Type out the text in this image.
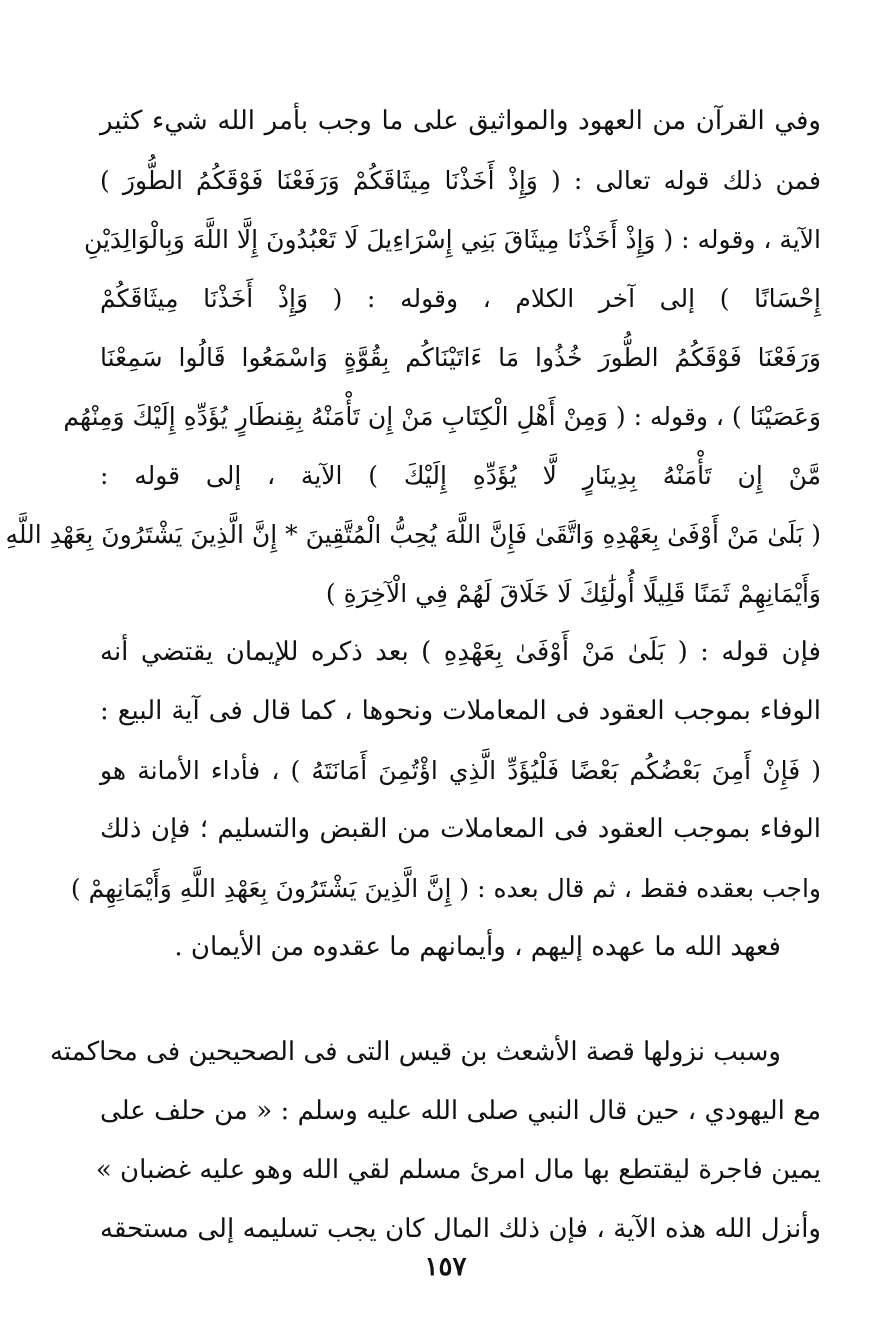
وفي القرآن من العهود والمواثيق على ما وجب بأمر الله شيء كثير
فمن ذلك قوله تعالى : ( وَإِذْ أَخَذْنَا مِيثَاقَكُمْ وَرَفَعْنَا فَوْقَكُمُ الطُّورَ )
الآية ، وقوله : ( وَإِذْ أَخَذْنَا مِيثَاقَ بَنِي إِسْرَاءِيلَ لَا تَعْبُدُونَ إِلَّا اللَّهَ وَبِالْوَالِدَيْنِ
إِحْسَانًا ) إلى آخر الكلام ، وقوله : ( وَإِذْ أَخَذْنَا مِيثَاقَكُمْ
وَرَفَعْنَا فَوْقَكُمُ الطُّورَ خُذُوا مَا ءَاتَيْنَاكُم بِقُوَّةٍ وَاسْمَعُوا قَالُوا سَمِعْنَا
وَعَصَيْنَا ) ، وقوله : ( وَمِنْ أَهْلِ الْكِتَابِ مَنْ إِن تَأْمَنْهُ بِقِنطَارٍ يُؤَدِّهِ إِلَيْكَ وَمِنْهُم
مَّنْ إِن تَأْمَنْهُ بِدِينَارٍ لَّا يُؤَدِّهِ إِلَيْكَ ) الآية ، إلى قوله :
( بَلَىٰ مَنْ أَوْفَىٰ بِعَهْدِهِ وَاتَّقَىٰ فَإِنَّ اللَّهَ يُحِبُّ الْمُتَّقِينَ * إِنَّ الَّذِينَ يَشْتَرُونَ بِعَهْدِ اللَّهِ
وَأَيْمَانِهِمْ ثَمَنًا قَلِيلًا أُولَٰئِكَ لَا خَلَاقَ لَهُمْ فِي الْآخِرَةِ )
فإن قوله : ( بَلَىٰ مَنْ أَوْفَىٰ بِعَهْدِهِ ) بعد ذكره للإيمان يقتضي أنه
الوفاء بموجب العقود فى المعاملات ونحوها ، كما قال فى آية البيع :
( فَإِنْ أَمِنَ بَعْضُكُم بَعْضًا فَلْيُؤَدِّ الَّذِي اؤْتُمِنَ أَمَانَتَهُ ) ، فأداء الأمانة هو
الوفاء بموجب العقود فى المعاملات من القبض والتسليم ؛ فإن ذلك
واجب بعقده فقط ، ثم قال بعده : ( إِنَّ الَّذِينَ يَشْتَرُونَ بِعَهْدِ اللَّهِ وَأَيْمَانِهِمْ )
فعهد الله ما عهده إليهم ، وأيمانهم ما عقدوه من الأيمان .
وسبب نزولها قصة الأشعث بن قيس التى فى الصحيحين فى محاكمته
مع اليهودي ، حين قال النبي صلى الله عليه وسلم : « من حلف على
يمين فاجرة ليقتطع بها مال امرئ مسلم لقي الله وهو عليه غضبان »
وأنزل الله هذه الآية ، فإن ذلك المال كان يجب تسليمه إلى مستحقه
١٥٧
